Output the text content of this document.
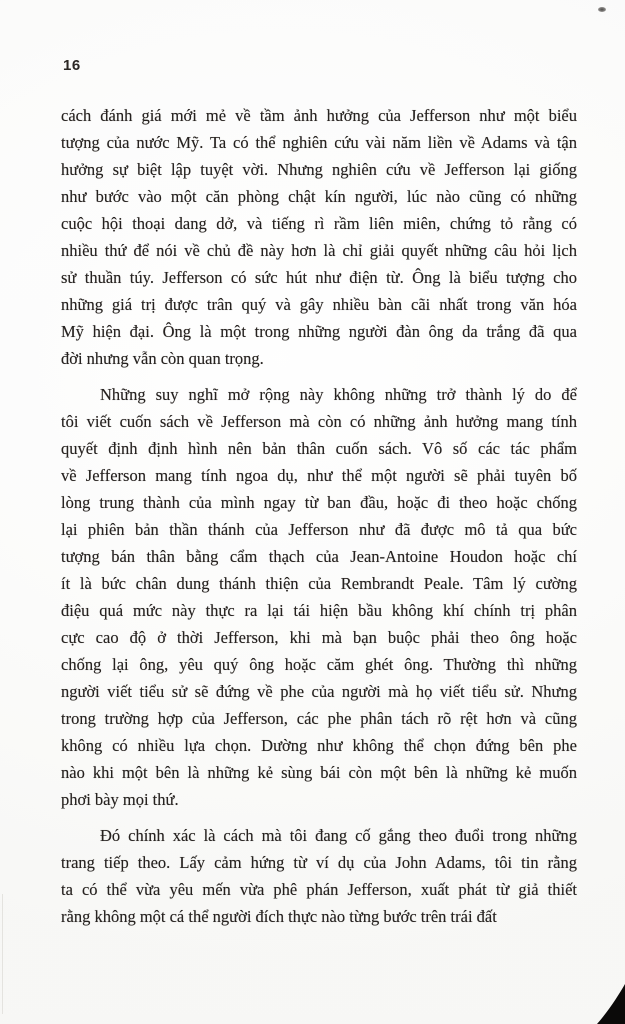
16
cách đánh giá mới mẻ về tầm ảnh hưởng của Jefferson như một biểu
tượng của nước Mỹ. Ta có thể nghiên cứu vài năm liền về Adams và tận
hưởng sự biệt lập tuyệt vời. Nhưng nghiên cứu về Jefferson lại giống
như bước vào một căn phòng chật kín người, lúc nào cũng có những
cuộc hội thoại dang dở, và tiếng rì rầm liên miên, chứng tỏ rằng có
nhiều thứ để nói về chủ đề này hơn là chỉ giải quyết những câu hỏi lịch
sử thuần túy. Jefferson có sức hút như điện từ. Ông là biểu tượng cho
những giá trị được trân quý và gây nhiều bàn cãi nhất trong văn hóa
Mỹ hiện đại. Ông là một trong những người đàn ông da trắng đã qua
đời nhưng vẫn còn quan trọng.
Những suy nghĩ mở rộng này không những trở thành lý do để
tôi viết cuốn sách về Jefferson mà còn có những ảnh hưởng mang tính
quyết định định hình nên bản thân cuốn sách. Vô số các tác phẩm
về Jefferson mang tính ngoa dụ, như thể một người sẽ phải tuyên bố
lòng trung thành của mình ngay từ ban đầu, hoặc đi theo hoặc chống
lại phiên bản thần thánh của Jefferson như đã được mô tả qua bức
tượng bán thân bằng cẩm thạch của Jean-Antoine Houdon hoặc chí
ít là bức chân dung thánh thiện của Rembrandt Peale. Tâm lý cường
điệu quá mức này thực ra lại tái hiện bầu không khí chính trị phân
cực cao độ ở thời Jefferson, khi mà bạn buộc phải theo ông hoặc
chống lại ông, yêu quý ông hoặc căm ghét ông. Thường thì những
người viết tiểu sử sẽ đứng về phe của người mà họ viết tiểu sử. Nhưng
trong trường hợp của Jefferson, các phe phân tách rõ rệt hơn và cũng
không có nhiều lựa chọn. Dường như không thể chọn đứng bên phe
nào khi một bên là những kẻ sùng bái còn một bên là những kẻ muốn
phơi bày mọi thứ.
Đó chính xác là cách mà tôi đang cố gắng theo đuổi trong những
trang tiếp theo. Lấy cảm hứng từ ví dụ của John Adams, tôi tin rằng
ta có thể vừa yêu mến vừa phê phán Jefferson, xuất phát từ giả thiết
rằng không một cá thể người đích thực nào từng bước trên trái đất
